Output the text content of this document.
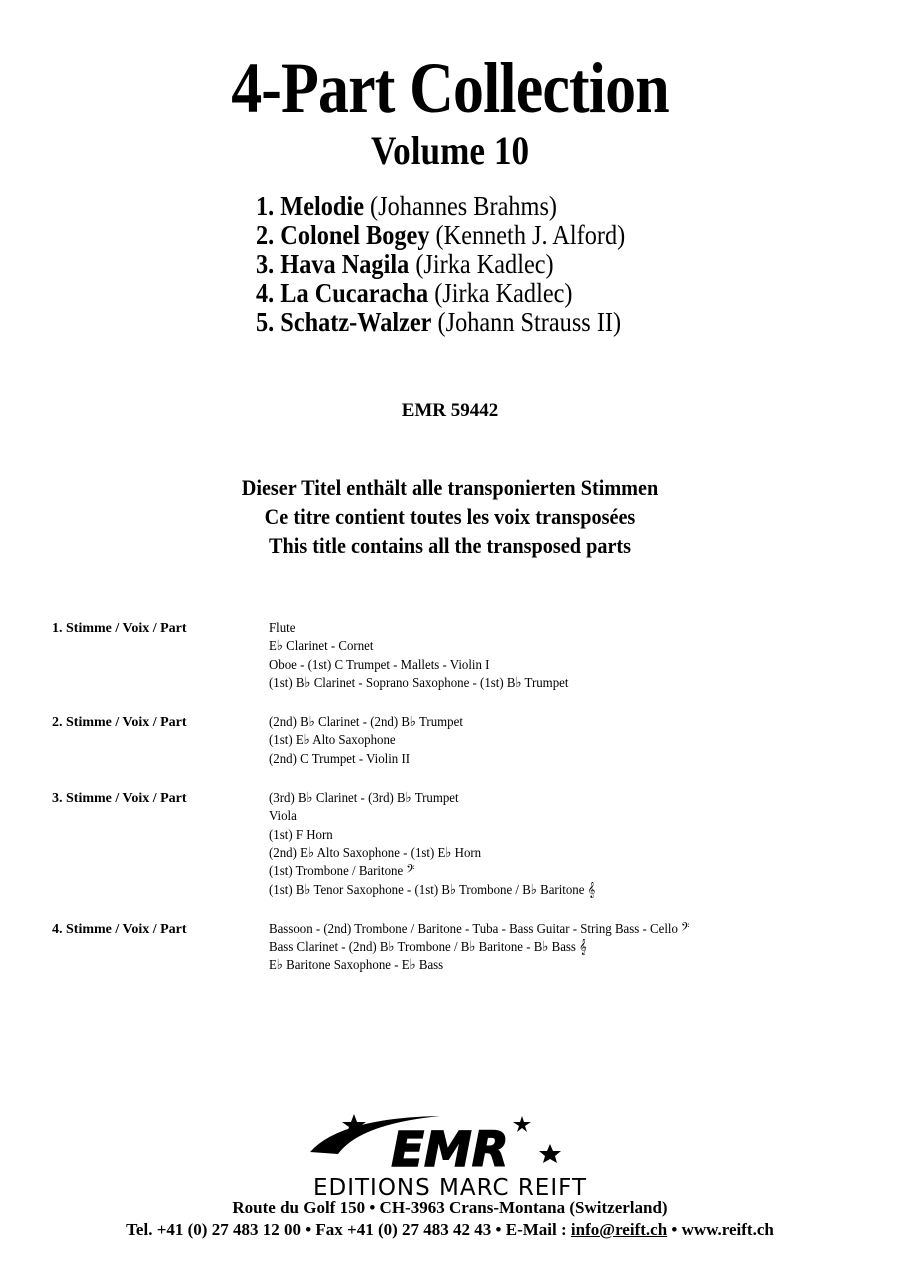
4-Part Collection
Volume 10
1. Melodie (Johannes Brahms)
2. Colonel Bogey (Kenneth J. Alford)
3. Hava Nagila (Jirka Kadlec)
4. La Cucaracha (Jirka Kadlec)
5. Schatz-Walzer (Johann Strauss II)
EMR 59442
Dieser Titel enthält alle transponierten Stimmen
Ce titre contient toutes les voix transposées
This title contains all the transposed parts
1. Stimme / Voix / Part	Flute
E♭ Clarinet - Cornet
Oboe - (1st) C Trumpet - Mallets - Violin I
(1st) B♭ Clarinet - Soprano Saxophone - (1st) B♭ Trumpet
2. Stimme / Voix / Part	(2nd) B♭ Clarinet - (2nd) B♭ Trumpet
(1st) E♭ Alto Saxophone
(2nd) C Trumpet - Violin II
3. Stimme / Voix / Part	(3rd) B♭ Clarinet - (3rd) B♭ Trumpet
Viola
(1st) F Horn
(2nd) E♭ Alto Saxophone - (1st) E♭ Horn
(1st) Trombone / Baritone 𝄢
(1st) B♭ Tenor Saxophone - (1st) B♭ Trombone / B♭ Baritone 𝄞
4. Stimme / Voix / Part	Bassoon - (2nd) Trombone / Baritone - Tuba - Bass Guitar - String Bass - Cello 𝄢
Bass Clarinet - (2nd) B♭ Trombone / B♭ Baritone - B♭ Bass 𝄞
E♭ Baritone Saxophone - E♭ Bass
EMR
EDITIONS MARC REIFT
Route du Golf 150 • CH-3963 Crans-Montana (Switzerland)
Tel. +41 (0) 27 483 12 00 • Fax +41 (0) 27 483 42 43 • E-Mail : info@reift.ch • www.reift.ch
